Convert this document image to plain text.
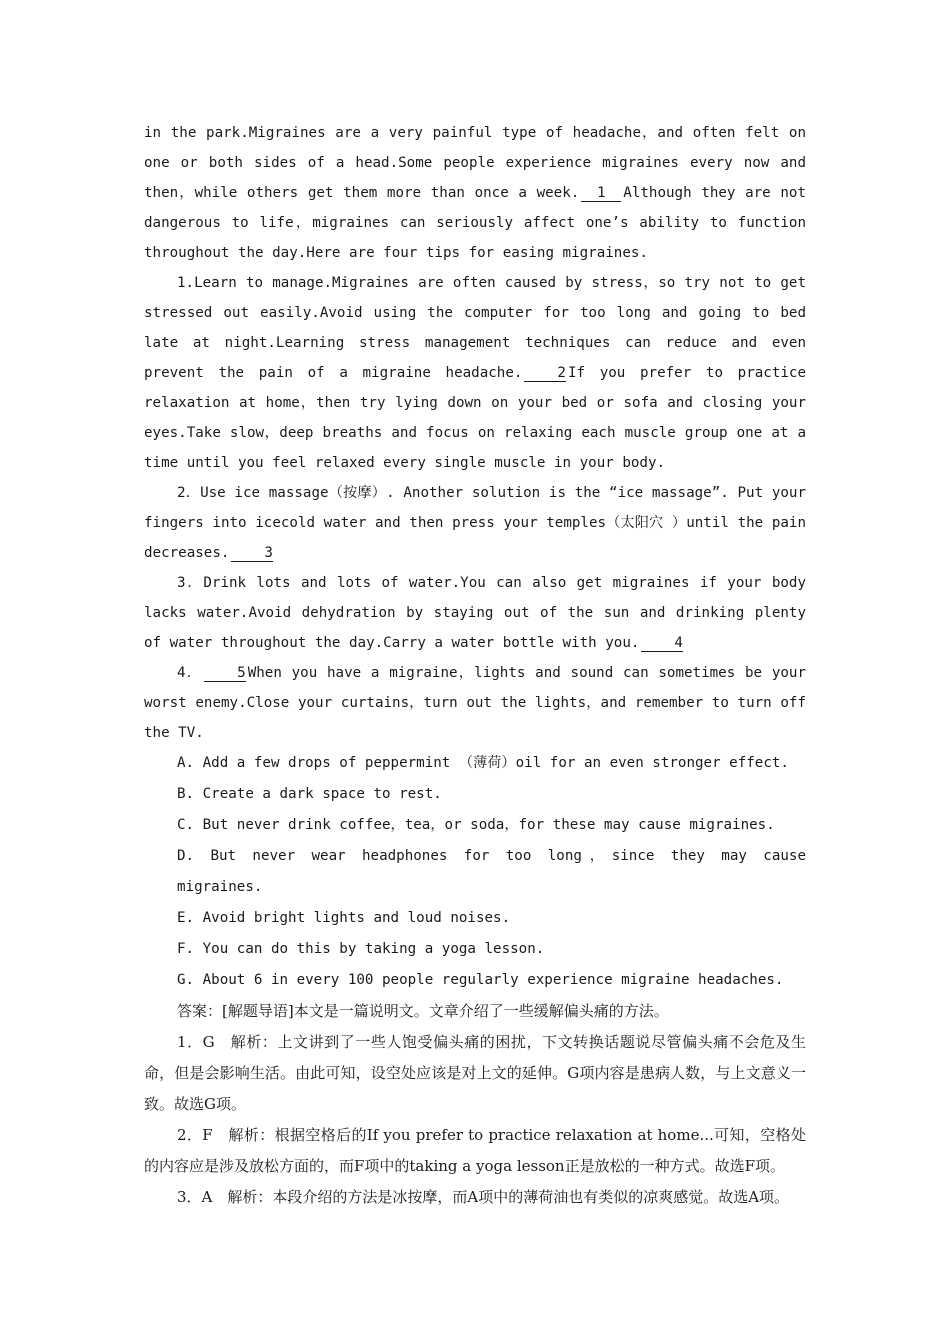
in the park.Migraines are a very painful type of headache，and often felt on one or both sides of a head.Some people experience migraines every now and then，while others get them more than once a week. 1 Although they are not dangerous to life，migraines can seriously affect one’s ability to function throughout the day.Here are four tips for easing migraines.

1.Learn to manage.Migraines are often caused by stress，so try not to get stressed out easily.Avoid using the computer for too long and going to bed late at night.Learning stress management techniques can reduce and even prevent the pain of a migraine headache. 2 If you prefer to practice relaxation at home，then try lying down on your bed or sofa and closing your eyes.Take slow，deep breaths and focus on relaxing each muscle group one at a time until you feel relaxed every single muscle in your body.

2．Use ice massage（按摩）. Another solution is the “ice massage”. Put your fingers into icecold water and then press your temples（太阳穴 ）until the pain decreases. 3

3．Drink lots and lots of water.You can also get migraines if your body lacks water.Avoid dehydration by staying out of the sun and drinking plenty of water throughout the day.Carry a water bottle with you. 4

4． 5 When you have a migraine，lights and sound can sometimes be your worst enemy.Close your curtains，turn out the lights，and remember to turn off the TV.

A. Add a few drops of peppermint （薄荷）oil for an even stronger effect.

B. Create a dark space to rest.

C. But never drink coffee，tea，or soda，for these may cause migraines.

D. But never wear headphones for too long，since they may cause migraines.

E. Avoid bright lights and loud noises.

F. You can do this by taking a yoga lesson.

G. About 6 in every 100 people regularly experience migraine headaches.

答案：[解题导语]本文是一篇说明文。文章介绍了一些缓解偏头痛的方法。

1．G　解析：上文讲到了一些人饱受偏头痛的困扰，下文转换话题说尽管偏头痛不会危及生命，但是会影响生活。由此可知，设空处应该是对上文的延伸。G项内容是患病人数，与上文意义一致。故选G项。

2．F　解析：根据空格后的If you prefer to practice relaxation at home...可知，空格处的内容应是涉及放松方面的，而F项中的taking a yoga lesson正是放松的一种方式。故选F项。

3．A　解析：本段介绍的方法是冰按摩，而A项中的薄荷油也有类似的凉爽感觉。故选A项。
